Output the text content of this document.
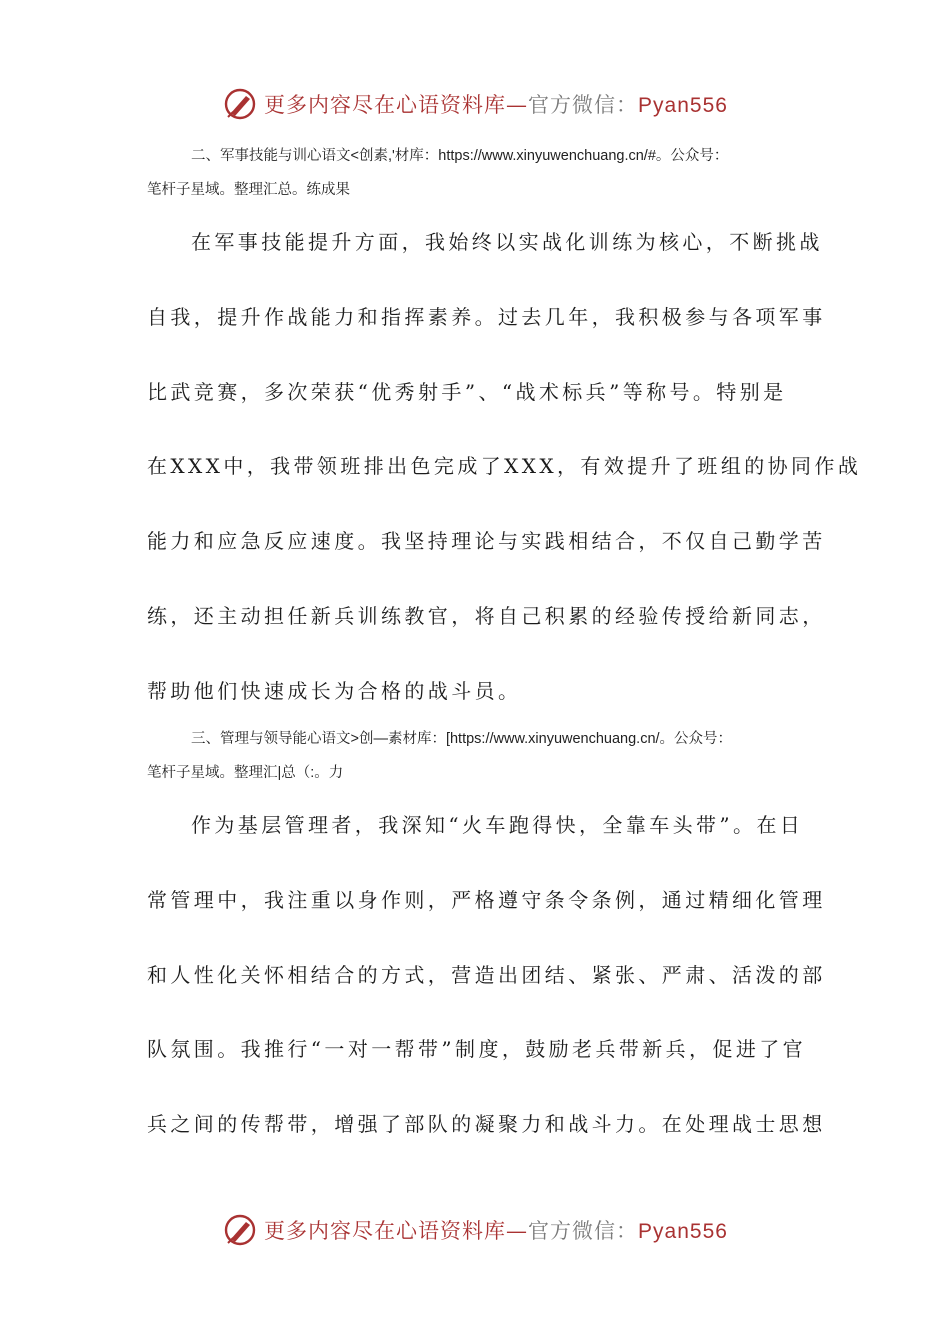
更多内容尽在心语资料库—官方微信：Pyan556
二、军事技能与训心语文<创素,'材库：https://www.xinyuwenchuang.cn/#。公众号：
笔杆子星域。整理汇总。练成果
在军事技能提升方面，我始终以实战化训练为核心，不断挑战
自我，提升作战能力和指挥素养。过去几年，我积极参与各项军事
比武竞赛，多次荣获“优秀射手”、“战术标兵”等称号。特别是
在XXX中，我带领班排出色完成了XXX，有效提升了班组的协同作战
能力和应急反应速度。我坚持理论与实践相结合，不仅自己勤学苦
练，还主动担任新兵训练教官，将自己积累的经验传授给新同志，
帮助他们快速成长为合格的战斗员。
三、管理与领导能心语文>创—素材库：[https://www.xinyuwenchuang.cn/。公众号：
笔杆子星域。整理汇|总（:。力
作为基层管理者，我深知“火车跑得快，全靠车头带”。在日
常管理中，我注重以身作则，严格遵守条令条例，通过精细化管理
和人性化关怀相结合的方式，营造出团结、紧张、严肃、活泼的部
队氛围。我推行“一对一帮带”制度，鼓励老兵带新兵，促进了官
兵之间的传帮带，增强了部队的凝聚力和战斗力。在处理战士思想
更多内容尽在心语资料库—官方微信：Pyan556
